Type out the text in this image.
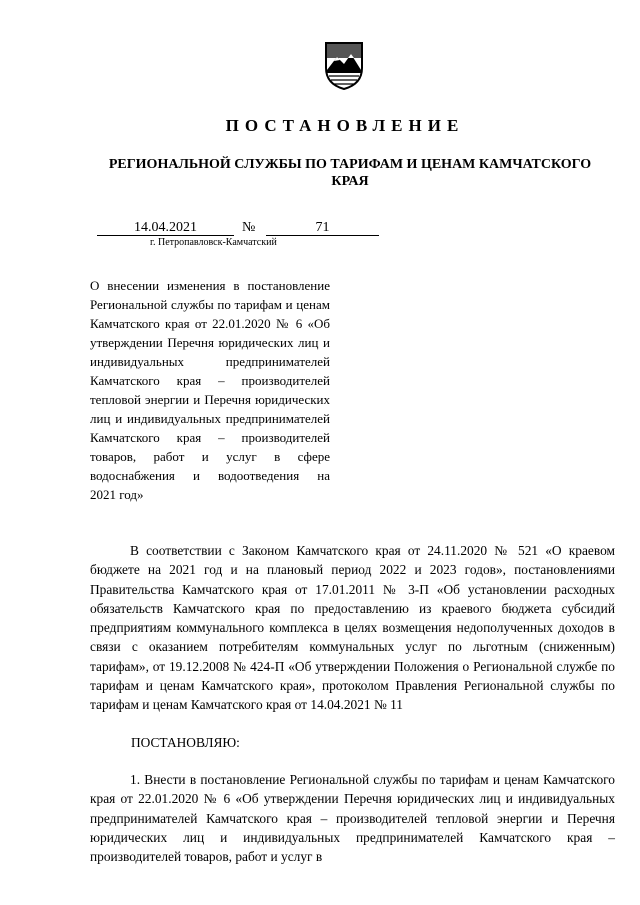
ПОСТАНОВЛЕНИЕ
РЕГИОНАЛЬНОЙ СЛУЖБЫ ПО ТАРИФАМ И ЦЕНАМ КАМЧАТСКОГО КРАЯ
14.04.2021	№	71
г. Петропавловск-Камчатский
О внесении изменения в постановление Региональной службы по тарифам и ценам Камчатского края от 22.01.2020 № 6 «Об утверждении Перечня юридических лиц и индивидуальных предпринимателей Камчатского края – производителей тепловой энергии и Перечня юридических лиц и индивидуальных предпринимателей Камчатского края – производителей товаров, работ и услуг в сфере водоснабжения и водоотведения на
2021 год»
В соответствии с Законом Камчатского края от 24.11.2020 № 521 «О краевом бюджете на 2021 год и на плановый период 2022 и 2023 годов», постановлениями Правительства Камчатского края от 17.01.2011 № 3-П «Об установлении расходных обязательств Камчатского края по предоставлению из краевого бюджета субсидий предприятиям коммунального комплекса в целях возмещения недополученных доходов в связи с оказанием потребителям коммунальных услуг по льготным (сниженным) тарифам», от 19.12.2008 № 424-П «Об утверждении Положения о Региональной службе по тарифам и ценам Камчатского края», протоколом Правления Региональной службы по тарифам и ценам Камчатского края от 14.04.2021 № 11
ПОСТАНОВЛЯЮ:
1. Внести в постановление Региональной службы по тарифам и ценам Камчатского края от 22.01.2020 № 6 «Об утверждении Перечня юридических лиц и индивидуальных предпринимателей Камчатского края – производителей тепловой энергии и Перечня юридических лиц и индивидуальных предпринимателей Камчатского края – производителей товаров, работ и услуг в
